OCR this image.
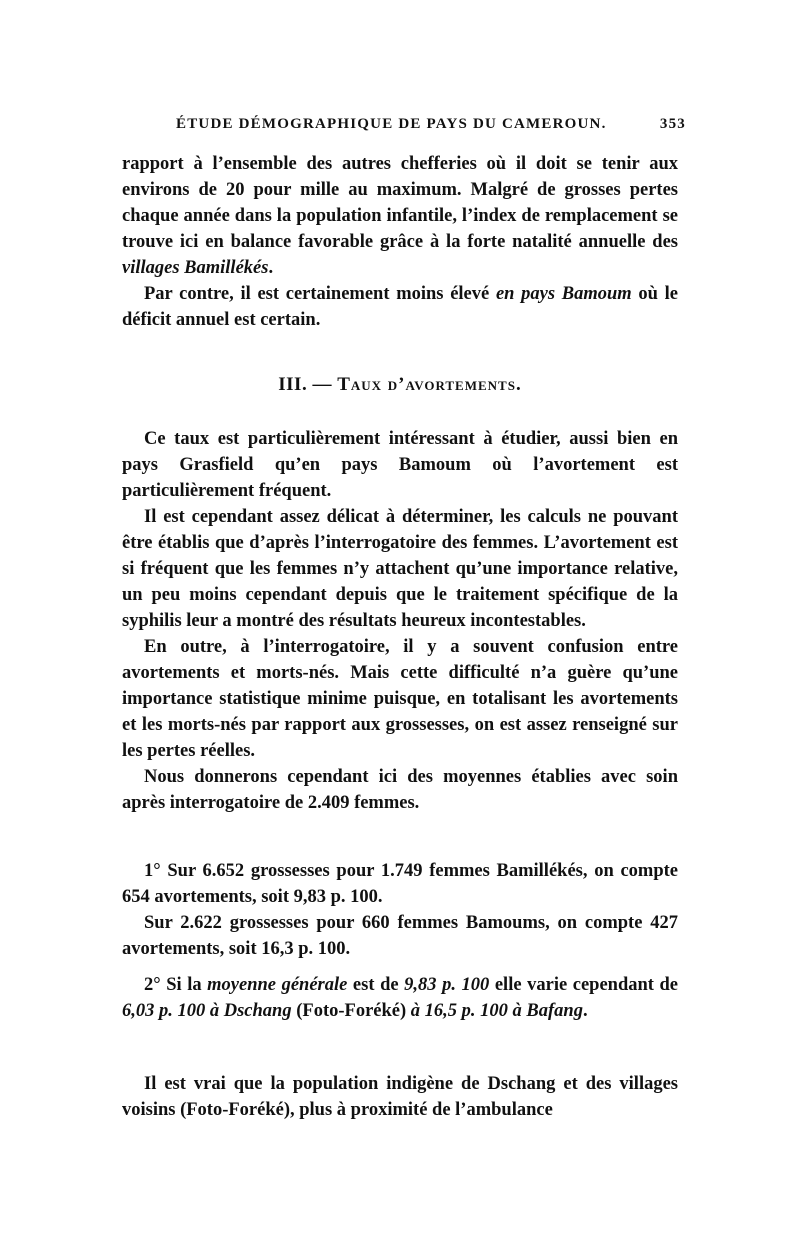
ÉTUDE DÉMOGRAPHIQUE DE PAYS DU CAMEROUN.	353

rapport à l’ensemble des autres chefferies où il doit se tenir aux environs de 20 pour mille au maximum. Malgré de grosses pertes chaque année dans la population infantile, l’index de remplacement se trouve ici en balance favorable grâce à la forte natalité annuelle des villages Bamillékés.

Par contre, il est certainement moins élevé en pays Bamoum où le déficit annuel est certain.

III. — Taux d’avortements.

Ce taux est particulièrement intéressant à étudier, aussi bien en pays Grasfield qu’en pays Bamoum où l’avortement est particulièrement fréquent.

Il est cependant assez délicat à déterminer, les calculs ne pouvant être établis que d’après l’interrogatoire des femmes. L’avortement est si fréquent que les femmes n’y attachent qu’une importance relative, un peu moins cependant depuis que le traitement spécifique de la syphilis leur a montré des résultats heureux incontestables.

En outre, à l’interrogatoire, il y a souvent confusion entre avortements et morts-nés. Mais cette difficulté n’a guère qu’une importance statistique minime puisque, en totalisant les avortements et les morts-nés par rapport aux grossesses, on est assez renseigné sur les pertes réelles.

Nous donnerons cependant ici des moyennes établies avec soin après interrogatoire de 2.409 femmes.

1° Sur 6.652 grossesses pour 1.749 femmes Bamillékés, on compte 654 avortements, soit 9,83 p. 100.

Sur 2.622 grossesses pour 660 femmes Bamoums, on compte 427 avortements, soit 16,3 p. 100.

2° Si la moyenne générale est de 9,83 p. 100 elle varie cependant de 6,03 p. 100 à Dschang (Foto-Foréké) à 16,5 p. 100 à Bafang.

Il est vrai que la population indigène de Dschang et des villages voisins (Foto-Foréké), plus à proximité de l’ambulance
